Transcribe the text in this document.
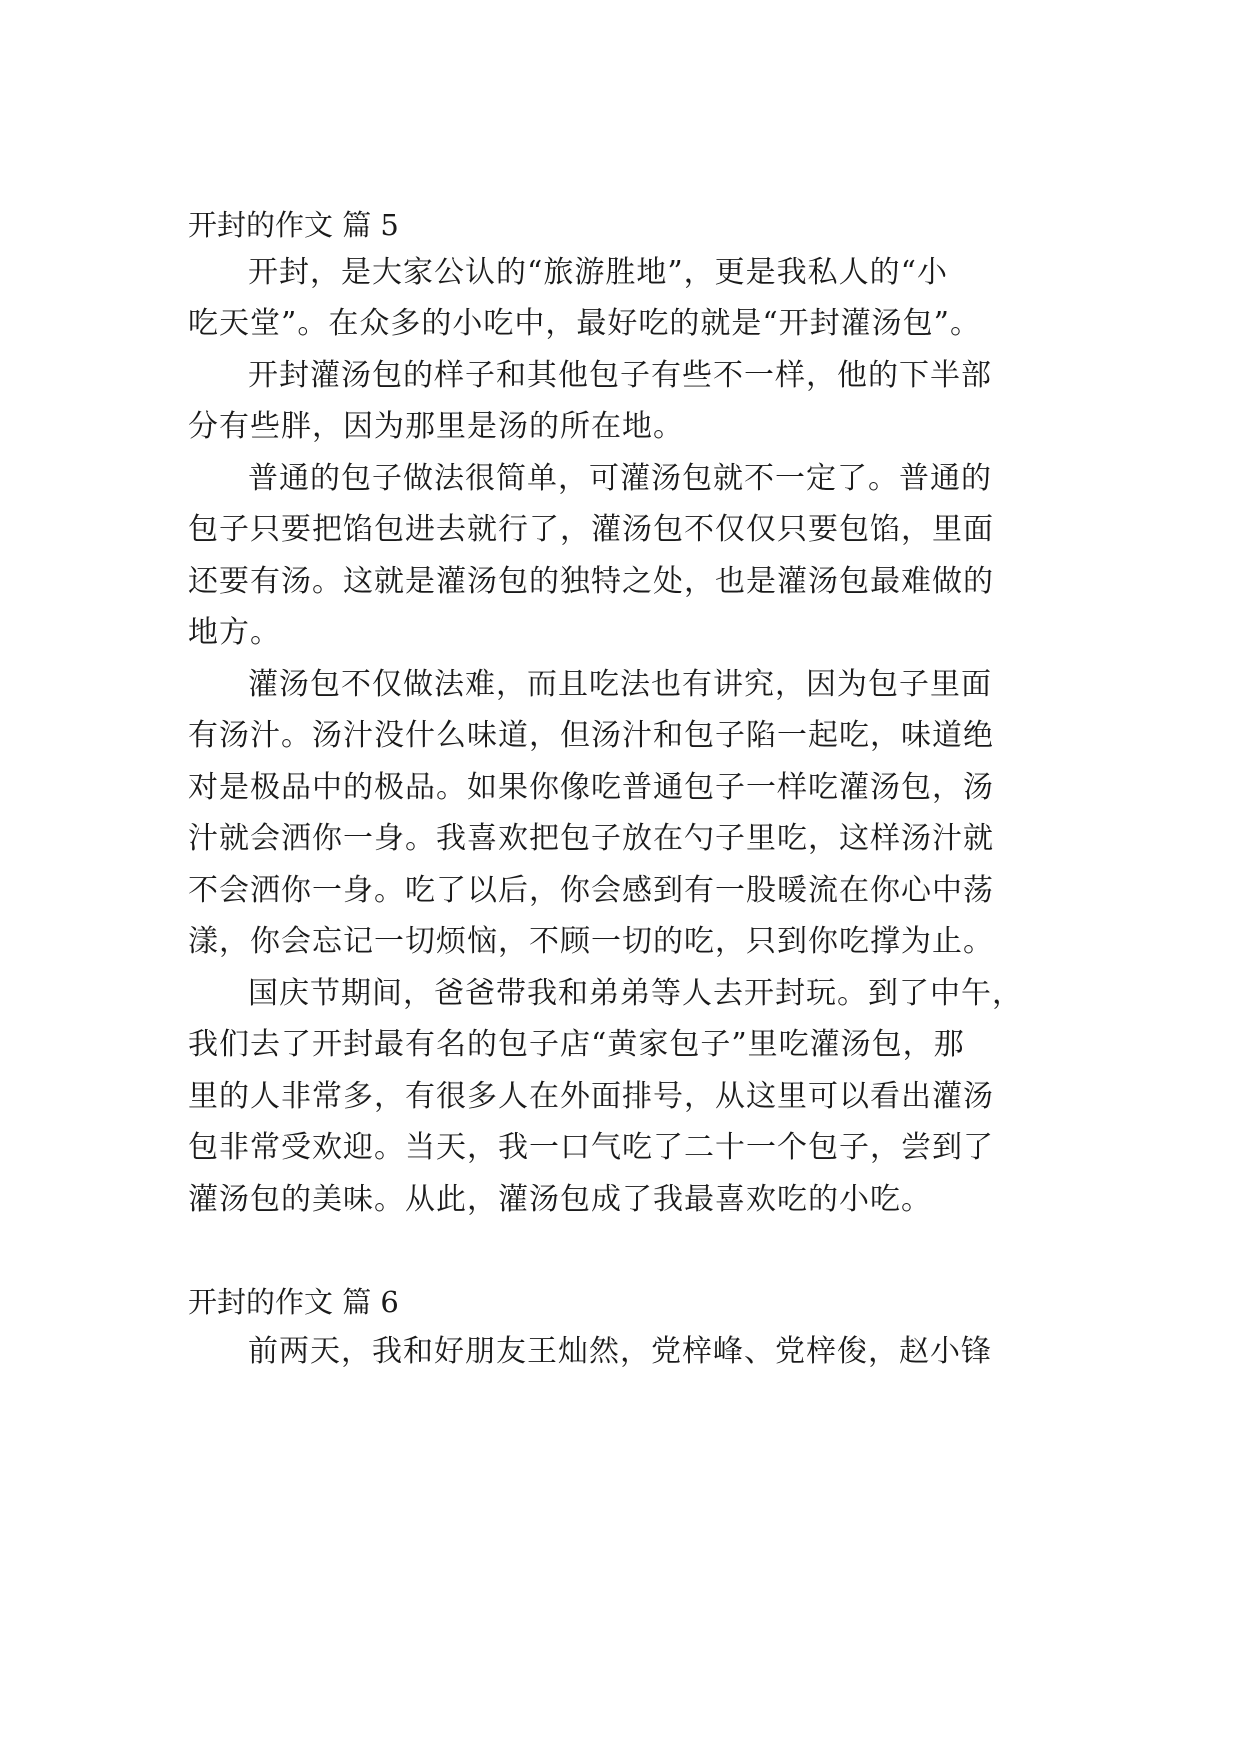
开封的作文 篇 5
开封，是大家公认的“旅游胜地”，更是我私人的“小
吃天堂”。在众多的小吃中，最好吃的就是“开封灌汤包”。
开封灌汤包的样子和其他包子有些不一样，他的下半部
分有些胖，因为那里是汤的所在地。
普通的包子做法很简单，可灌汤包就不一定了。普通的
包子只要把馅包进去就行了，灌汤包不仅仅只要包馅，里面
还要有汤。这就是灌汤包的独特之处，也是灌汤包最难做的
地方。
灌汤包不仅做法难，而且吃法也有讲究，因为包子里面
有汤汁。汤汁没什么味道，但汤汁和包子陷一起吃，味道绝
对是极品中的极品。如果你像吃普通包子一样吃灌汤包，汤
汁就会洒你一身。我喜欢把包子放在勺子里吃，这样汤汁就
不会洒你一身。吃了以后，你会感到有一股暖流在你心中荡
漾，你会忘记一切烦恼，不顾一切的吃，只到你吃撑为止。
国庆节期间，爸爸带我和弟弟等人去开封玩。到了中午，
我们去了开封最有名的包子店“黄家包子”里吃灌汤包，那
里的人非常多，有很多人在外面排号，从这里可以看出灌汤
包非常受欢迎。当天，我一口气吃了二十一个包子，尝到了
灌汤包的美味。从此，灌汤包成了我最喜欢吃的小吃。
开封的作文 篇 6
前两天，我和好朋友王灿然，党梓峰、党梓俊，赵小锋
